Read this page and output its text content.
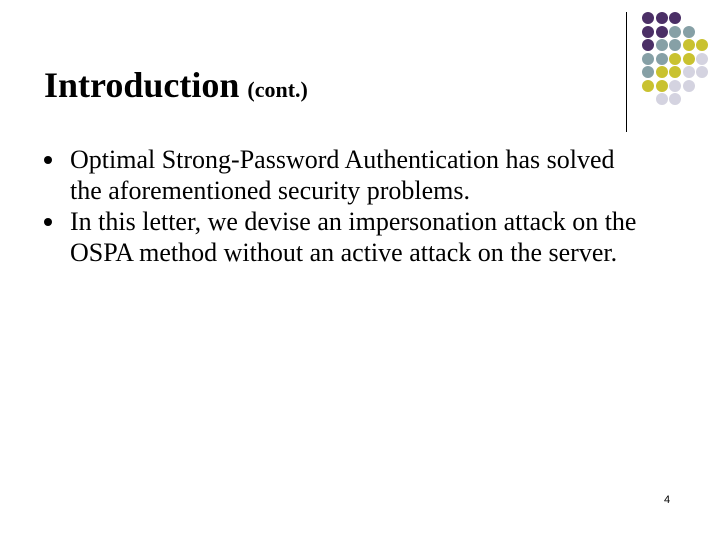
Introduction (cont.)
Optimal Strong-Password Authentication has solved the aforementioned security problems.
In this letter, we devise an impersonation attack on the OSPA method without an active attack on the server.
4
